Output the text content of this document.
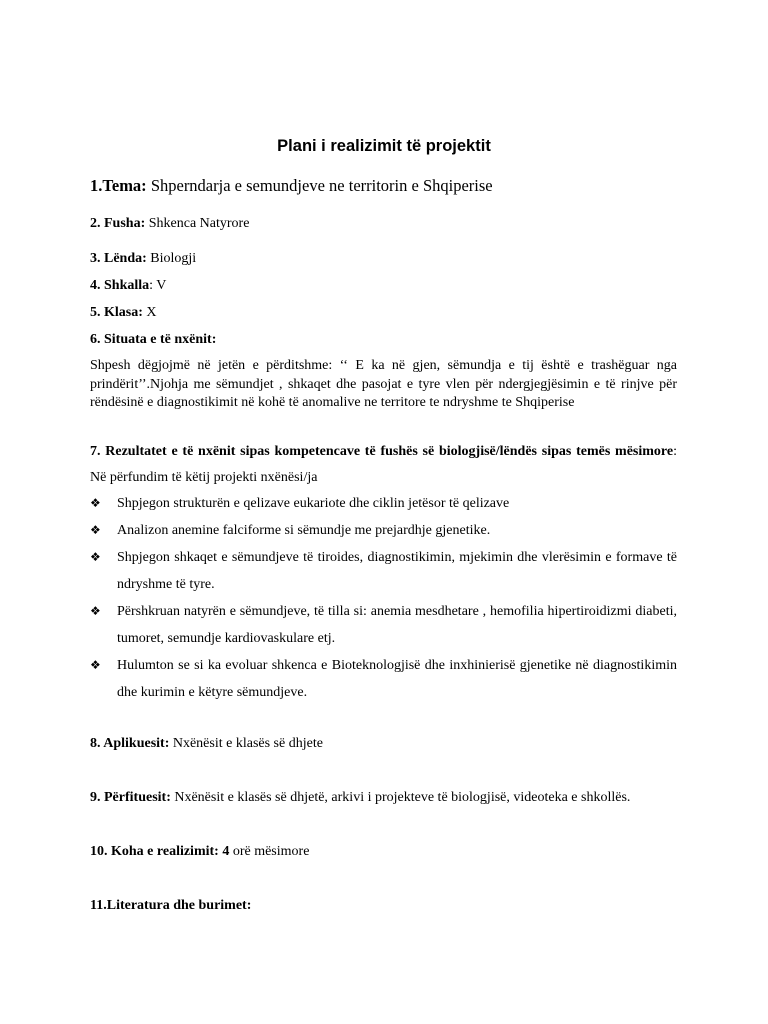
Plani i realizimit të projektit
1.Tema: Shperndarja e semundjeve ne territorin e Shqiperise
2. Fusha: Shkenca Natyrore
3. Lënda: Biologji
4. Shkalla: V
5. Klasa: X
6. Situata e të nxënit:
Shpesh dëgjojmë në jetën e përditshme: ‘‘ E ka në gjen, sëmundja e tij është e trashëguar nga prindërit’’.Njohja me sëmundjet , shkaqet dhe pasojat e tyre vlen për ndergjegjësimin e të rinjve për rëndësinë e diagnostikimit në kohë të anomalive ne territore te ndryshme te Shqiperise
7. Rezultatet e të nxënit sipas kompetencave të fushës së biologjisë/lëndës sipas temës mësimore: Në përfundim të këtij projekti nxënësi/ja
❖ Shpjegon strukturën e qelizave eukariote dhe ciklin jetësor të qelizave
❖ Analizon anemine falciforme si sëmundje me prejardhje gjenetike.
❖ Shpjegon shkaqet e sëmundjeve të tiroides, diagnostikimin, mjekimin dhe vlerësimin e formave të ndryshme të tyre.
❖ Përshkruan natyrën e sëmundjeve, të tilla si: anemia mesdhetare , hemofilia hipertiroidizmi diabeti, tumoret, semundje kardiovaskulare etj.
❖ Hulumton se si ka evoluar shkenca e Bioteknologjisë dhe inxhinierisë gjenetike në diagnostikimin dhe kurimin e këtyre sëmundjeve.
8. Aplikuesit: Nxënësit e klasës së dhjete
9. Përfituesit: Nxënësit e klasës së dhjetë, arkivi i projekteve të biologjisë, videoteka e shkollës.
10. Koha e realizimit: 4 orë mësimore
11.Literatura dhe burimet:
